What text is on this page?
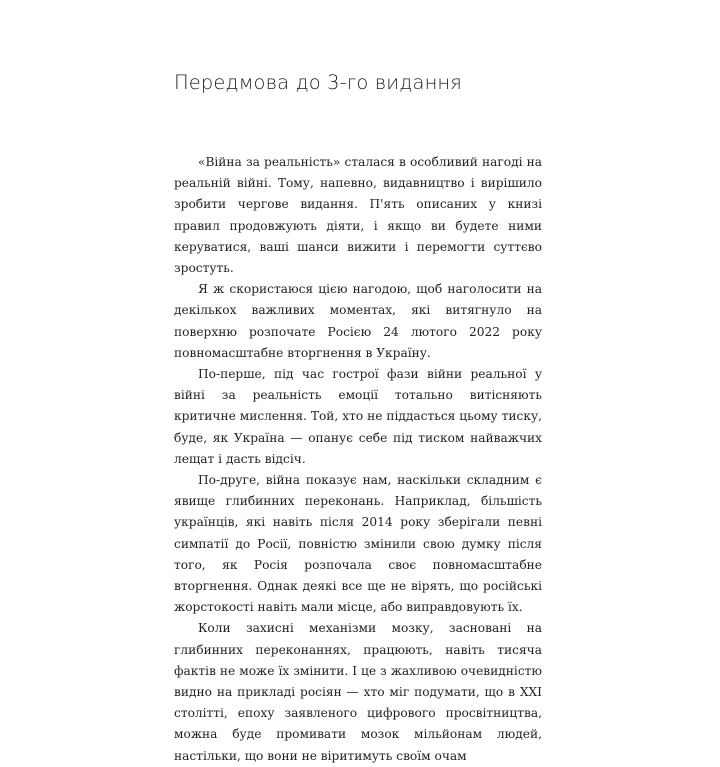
Передмова до 3-го видання

«Війна за реальність» сталася в особливий нагоді на реальній війні. Тому, напевно, видавництво і вирішило зробити чергове видання. П'ять описаних у книзі правил продовжують діяти, і якщо ви будете ними керуватися, ваші шанси вижити і перемогти суттєво зростуть.

Я ж скористаюся цією нагодою, щоб наголосити на декількох важливих моментах, які витягнуло на поверхню розпочате Росією 24 лютого 2022 року повномасштабне вторгнення в Україну.

По-перше, під час гострої фази війни реальної у війні за реальність емоції тотально витісняють критичне мислення. Той, хто не піддасться цьому тиску, буде, як Україна — опанує себе під тиском найважчих лещат і дасть відсіч.

По-друге, війна показує нам, наскільки складним є явище глибинних переконань. Наприклад, більшість українців, які навіть після 2014 року зберігали певні симпатії до Росії, повністю змінили свою думку після того, як Росія розпочала своє повномасштабне вторгнення. Однак деякі все ще не вірять, що російські жорстокості навіть мали місце, або виправдовують їх.

Коли захисні механізми мозку, засновані на глибинних переконаннях, працюють, навіть тисяча фактів не може їх змінити. І це з жахливою очевидністю видно на прикладі росіян — хто міг подумати, що в XXI столітті, епоху заявленого цифрового просвітництва, можна буде промивати мозок мільйонам людей, настільки, що вони не віритимуть своїм очам
